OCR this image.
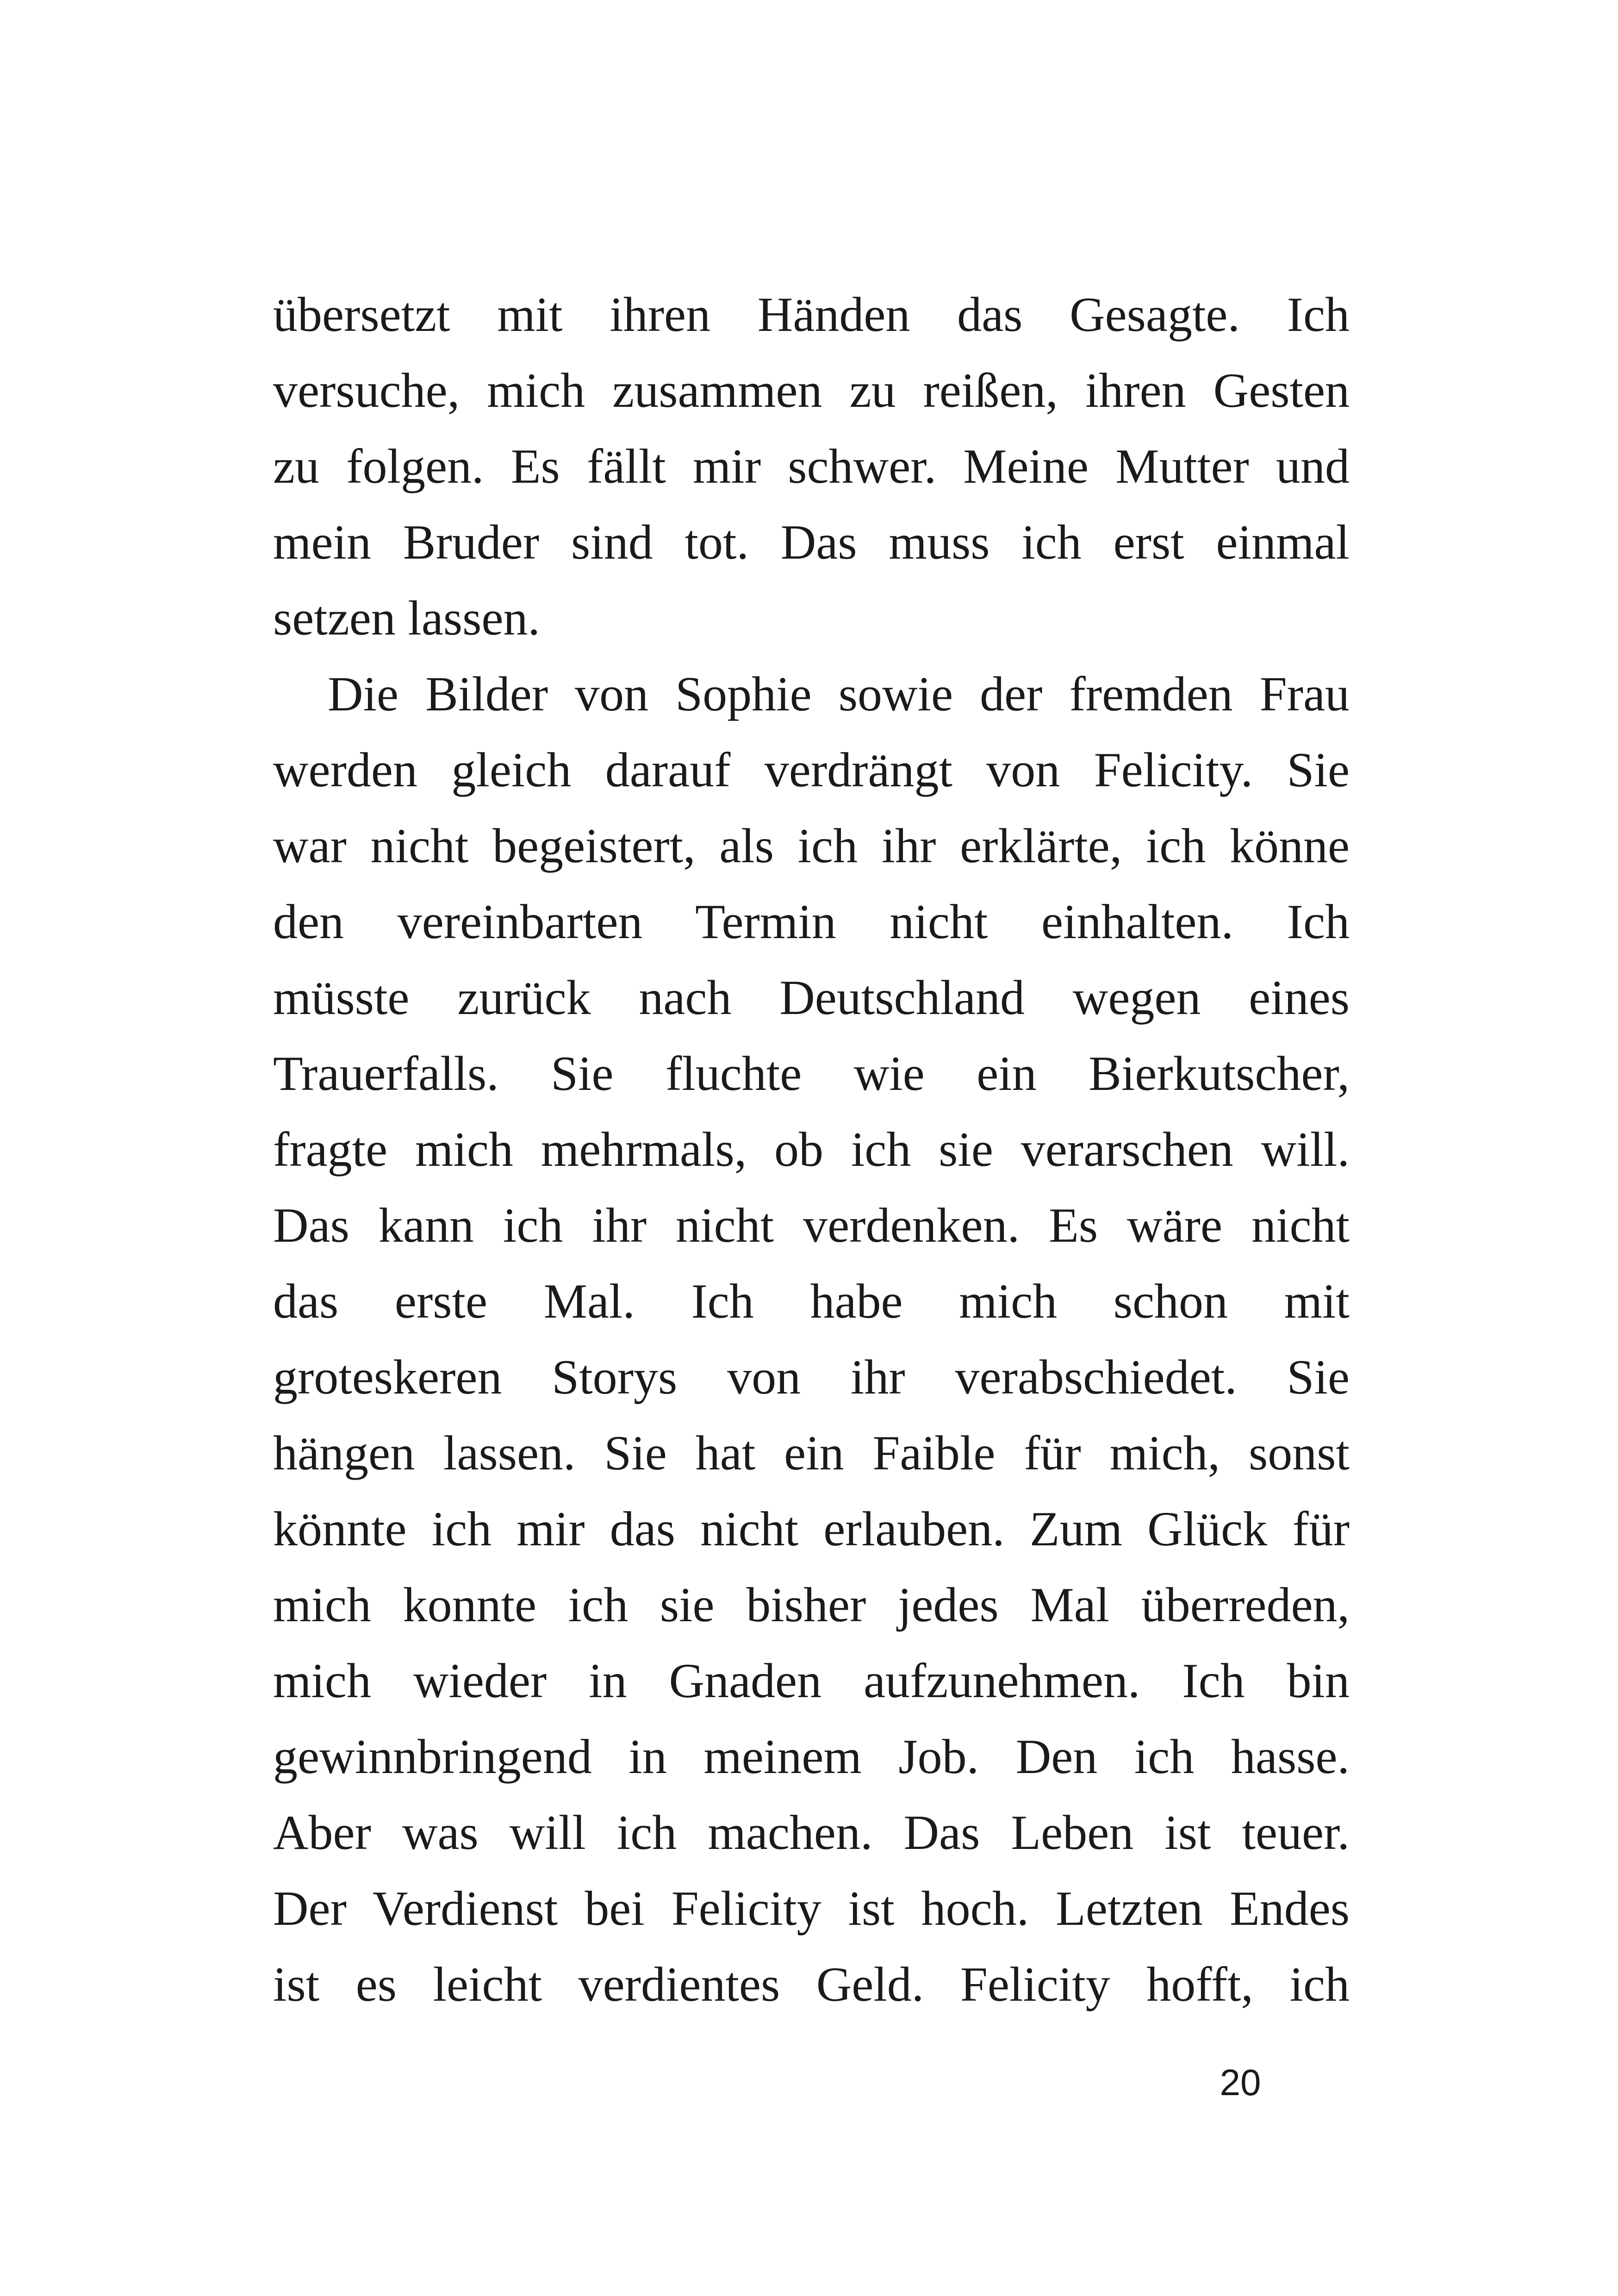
übersetzt mit ihren Händen das Gesagte. Ich
versuche, mich zusammen zu reißen, ihren Gesten
zu folgen. Es fällt mir schwer. Meine Mutter und
mein Bruder sind tot. Das muss ich erst einmal
setzen lassen.
Die Bilder von Sophie sowie der fremden Frau
werden gleich darauf verdrängt von Felicity. Sie
war nicht begeistert, als ich ihr erklärte, ich könne
den vereinbarten Termin nicht einhalten. Ich
müsste zurück nach Deutschland wegen eines
Trauerfalls. Sie fluchte wie ein Bierkutscher,
fragte mich mehrmals, ob ich sie verarschen will.
Das kann ich ihr nicht verdenken. Es wäre nicht
das erste Mal. Ich habe mich schon mit
groteskeren Storys von ihr verabschiedet. Sie
hängen lassen. Sie hat ein Faible für mich, sonst
könnte ich mir das nicht erlauben. Zum Glück für
mich konnte ich sie bisher jedes Mal überreden,
mich wieder in Gnaden aufzunehmen. Ich bin
gewinnbringend in meinem Job. Den ich hasse.
Aber was will ich machen. Das Leben ist teuer.
Der Verdienst bei Felicity ist hoch. Letzten Endes
ist es leicht verdientes Geld. Felicity hofft, ich
20
